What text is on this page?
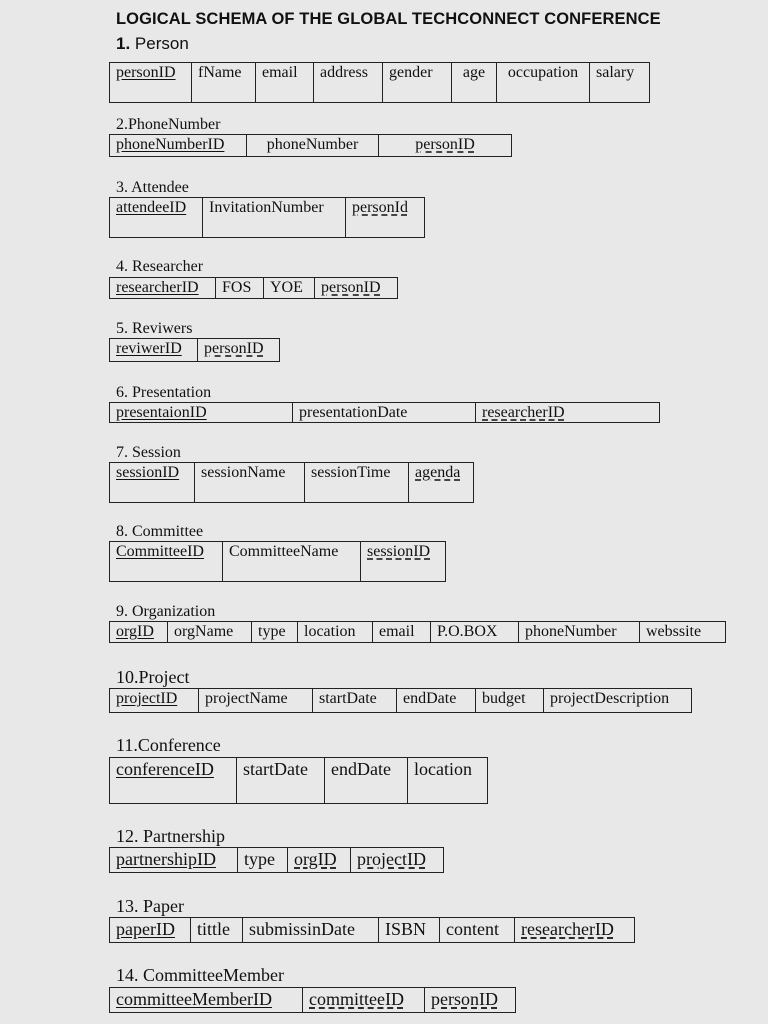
LOGICAL SCHEMA OF THE GLOBAL TECHCONNECT CONFERENCE
1. Person
personID	fName	email	address	gender	age	occupation	salary
2.PhoneNumber
phoneNumberID	phoneNumber	personID
3. Attendee
attendeeID	InvitationNumber	personId
4. Researcher
researcherID	FOS	YOE	personID
5. Reviwers
reviwerID	personID
6. Presentation
presentaionID	presentationDate	researcherID
7. Session
sessionID	sessionName	sessionTime	agenda
8. Committee
CommitteeID	CommitteeName	sessionID
9. Organization
orgID	orgName	type	location	email	P.O.BOX	phoneNumber	webssite
10.Project
projectID	projectName	startDate	endDate	budget	projectDescription
11.Conference
conferenceID	startDate	endDate	location
12. Partnership
partnershipID	type	orgID	projectID
13. Paper
paperID	tittle	submissinDate	ISBN	content	researcherID
14. CommitteeMember
committeeMemberID	committeeID	personID
